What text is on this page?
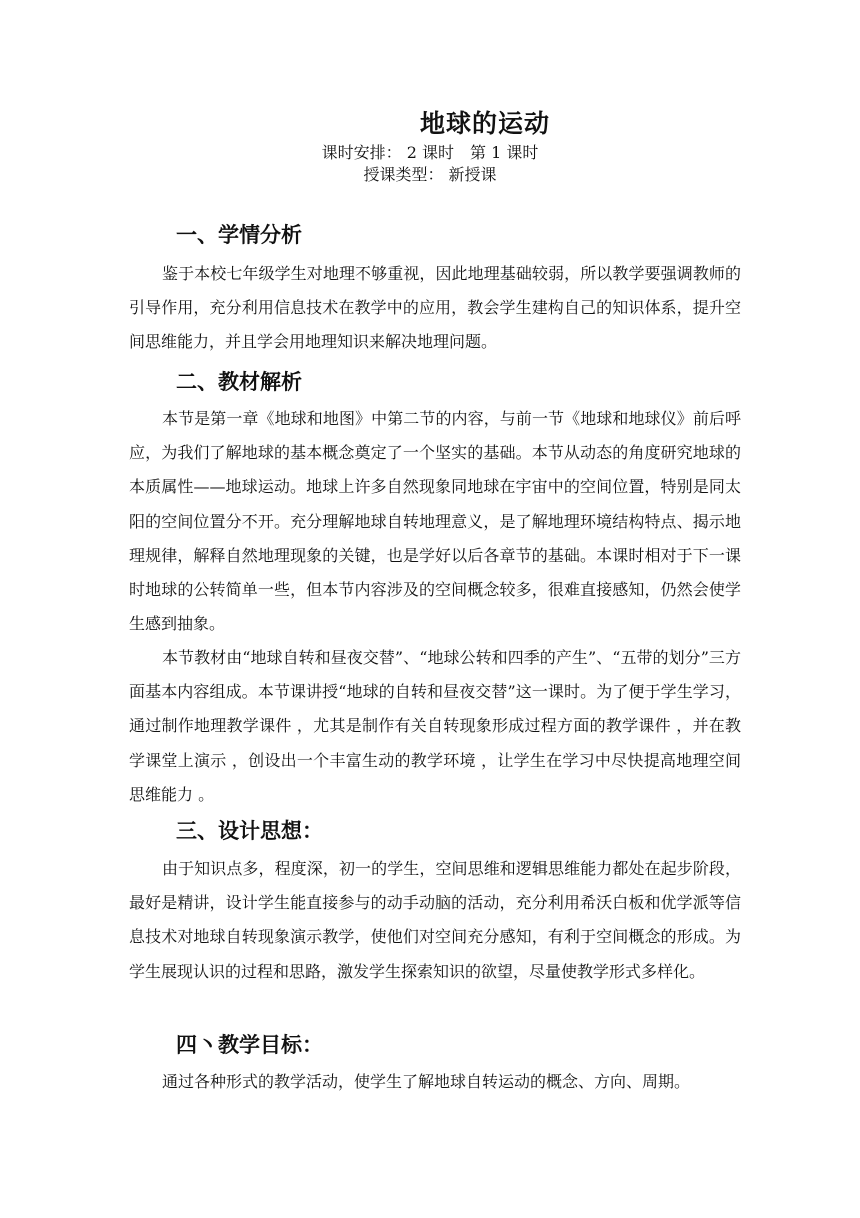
地球的运动
课时安排： 2 课时　第 1 课时
授课类型： 新授课
一、学情分析

鉴于本校七年级学生对地理不够重视，因此地理基础较弱，所以教学要强调教师的引导作用，充分利用信息技术在教学中的应用，教会学生建构自己的知识体系，提升空间思维能力，并且学会用地理知识来解决地理问题。

二、教材解析

本节是第一章《地球和地图》中第二节的内容，与前一节《地球和地球仪》前后呼应，为我们了解地球的基本概念奠定了一个坚实的基础。本节从动态的角度研究地球的本质属性——地球运动。地球上许多自然现象同地球在宇宙中的空间位置，特别是同太阳的空间位置分不开。充分理解地球自转地理意义，是了解地理环境结构特点、揭示地理规律，解释自然地理现象的关键，也是学好以后各章节的基础。本课时相对于下一课时地球的公转简单一些，但本节内容涉及的空间概念较多，很难直接感知，仍然会使学生感到抽象。

本节教材由“地球自转和昼夜交替”、“地球公转和四季的产生”、“五带的划分”三方面基本内容组成。本节课讲授“地球的自转和昼夜交替”这一课时。为了便于学生学习，通过制作地理教学课件 ，尤其是制作有关自转现象形成过程方面的教学课件 ，并在教学课堂上演示 ，创设出一个丰富生动的教学环境 ，让学生在学习中尽快提高地理空间思维能力 。

三、设计思想：

由于知识点多，程度深，初一的学生，空间思维和逻辑思维能力都处在起步阶段，最好是精讲，设计学生能直接参与的动手动脑的活动，充分利用希沃白板和优学派等信息技术对地球自转现象演示教学，使他们对空间充分感知，有利于空间概念的形成。为学生展现认识的过程和思路，激发学生探索知识的欲望，尽量使教学形式多样化。

四丶教学目标：

通过各种形式的教学活动，使学生了解地球自转运动的概念、方向、周期。
